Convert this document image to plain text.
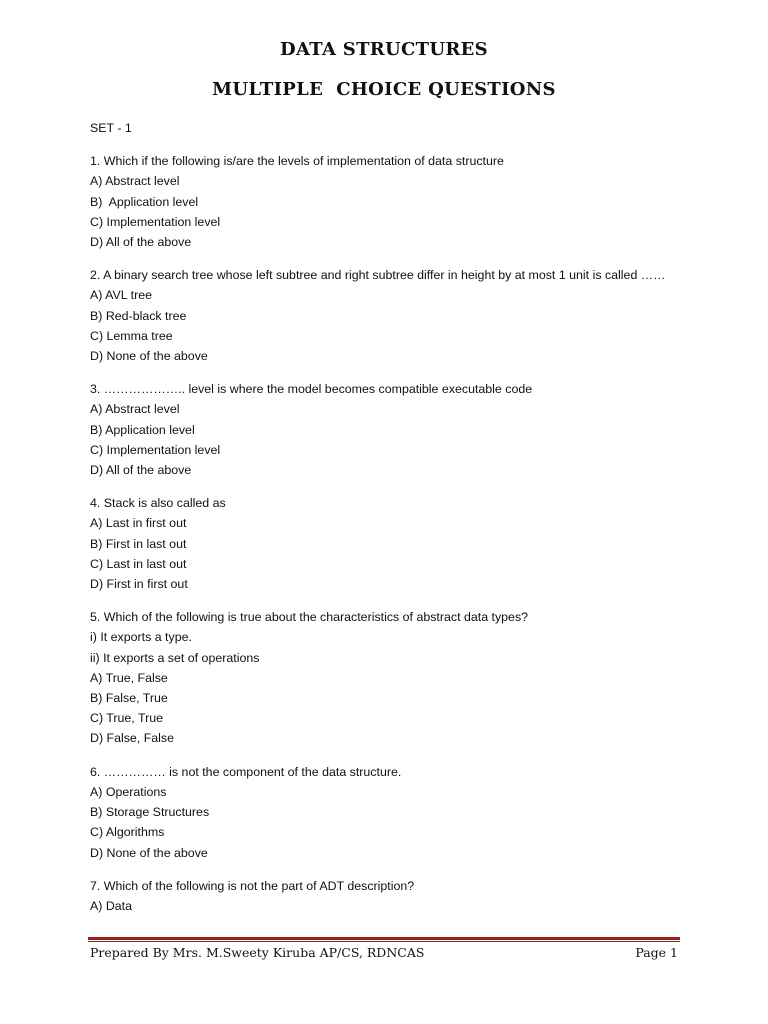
DATA STRUCTURES
MULTIPLE  CHOICE QUESTIONS
SET - 1
1. Which if the following is/are the levels of implementation of data structure
A) Abstract level
B)  Application level
C) Implementation level
D) All of the above
2. A binary search tree whose left subtree and right subtree differ in height by at most 1 unit is called ……
A) AVL tree
B) Red-black tree
C) Lemma tree
D) None of the above
3. ……………….. level is where the model becomes compatible executable code
A) Abstract level
B) Application level
C) Implementation level
D) All of the above
4. Stack is also called as
A) Last in first out
B) First in last out
C) Last in last out
D) First in first out
5. Which of the following is true about the characteristics of abstract data types?
i) It exports a type.
ii) It exports a set of operations
A) True, False
B) False, True
C) True, True
D) False, False
6. …………… is not the component of the data structure.
A) Operations
B) Storage Structures
C) Algorithms
D) None of the above
7. Which of the following is not the part of ADT description?
A) Data
Prepared By Mrs. M.Sweety Kiruba AP/CS, RDNCAS	Page 1
